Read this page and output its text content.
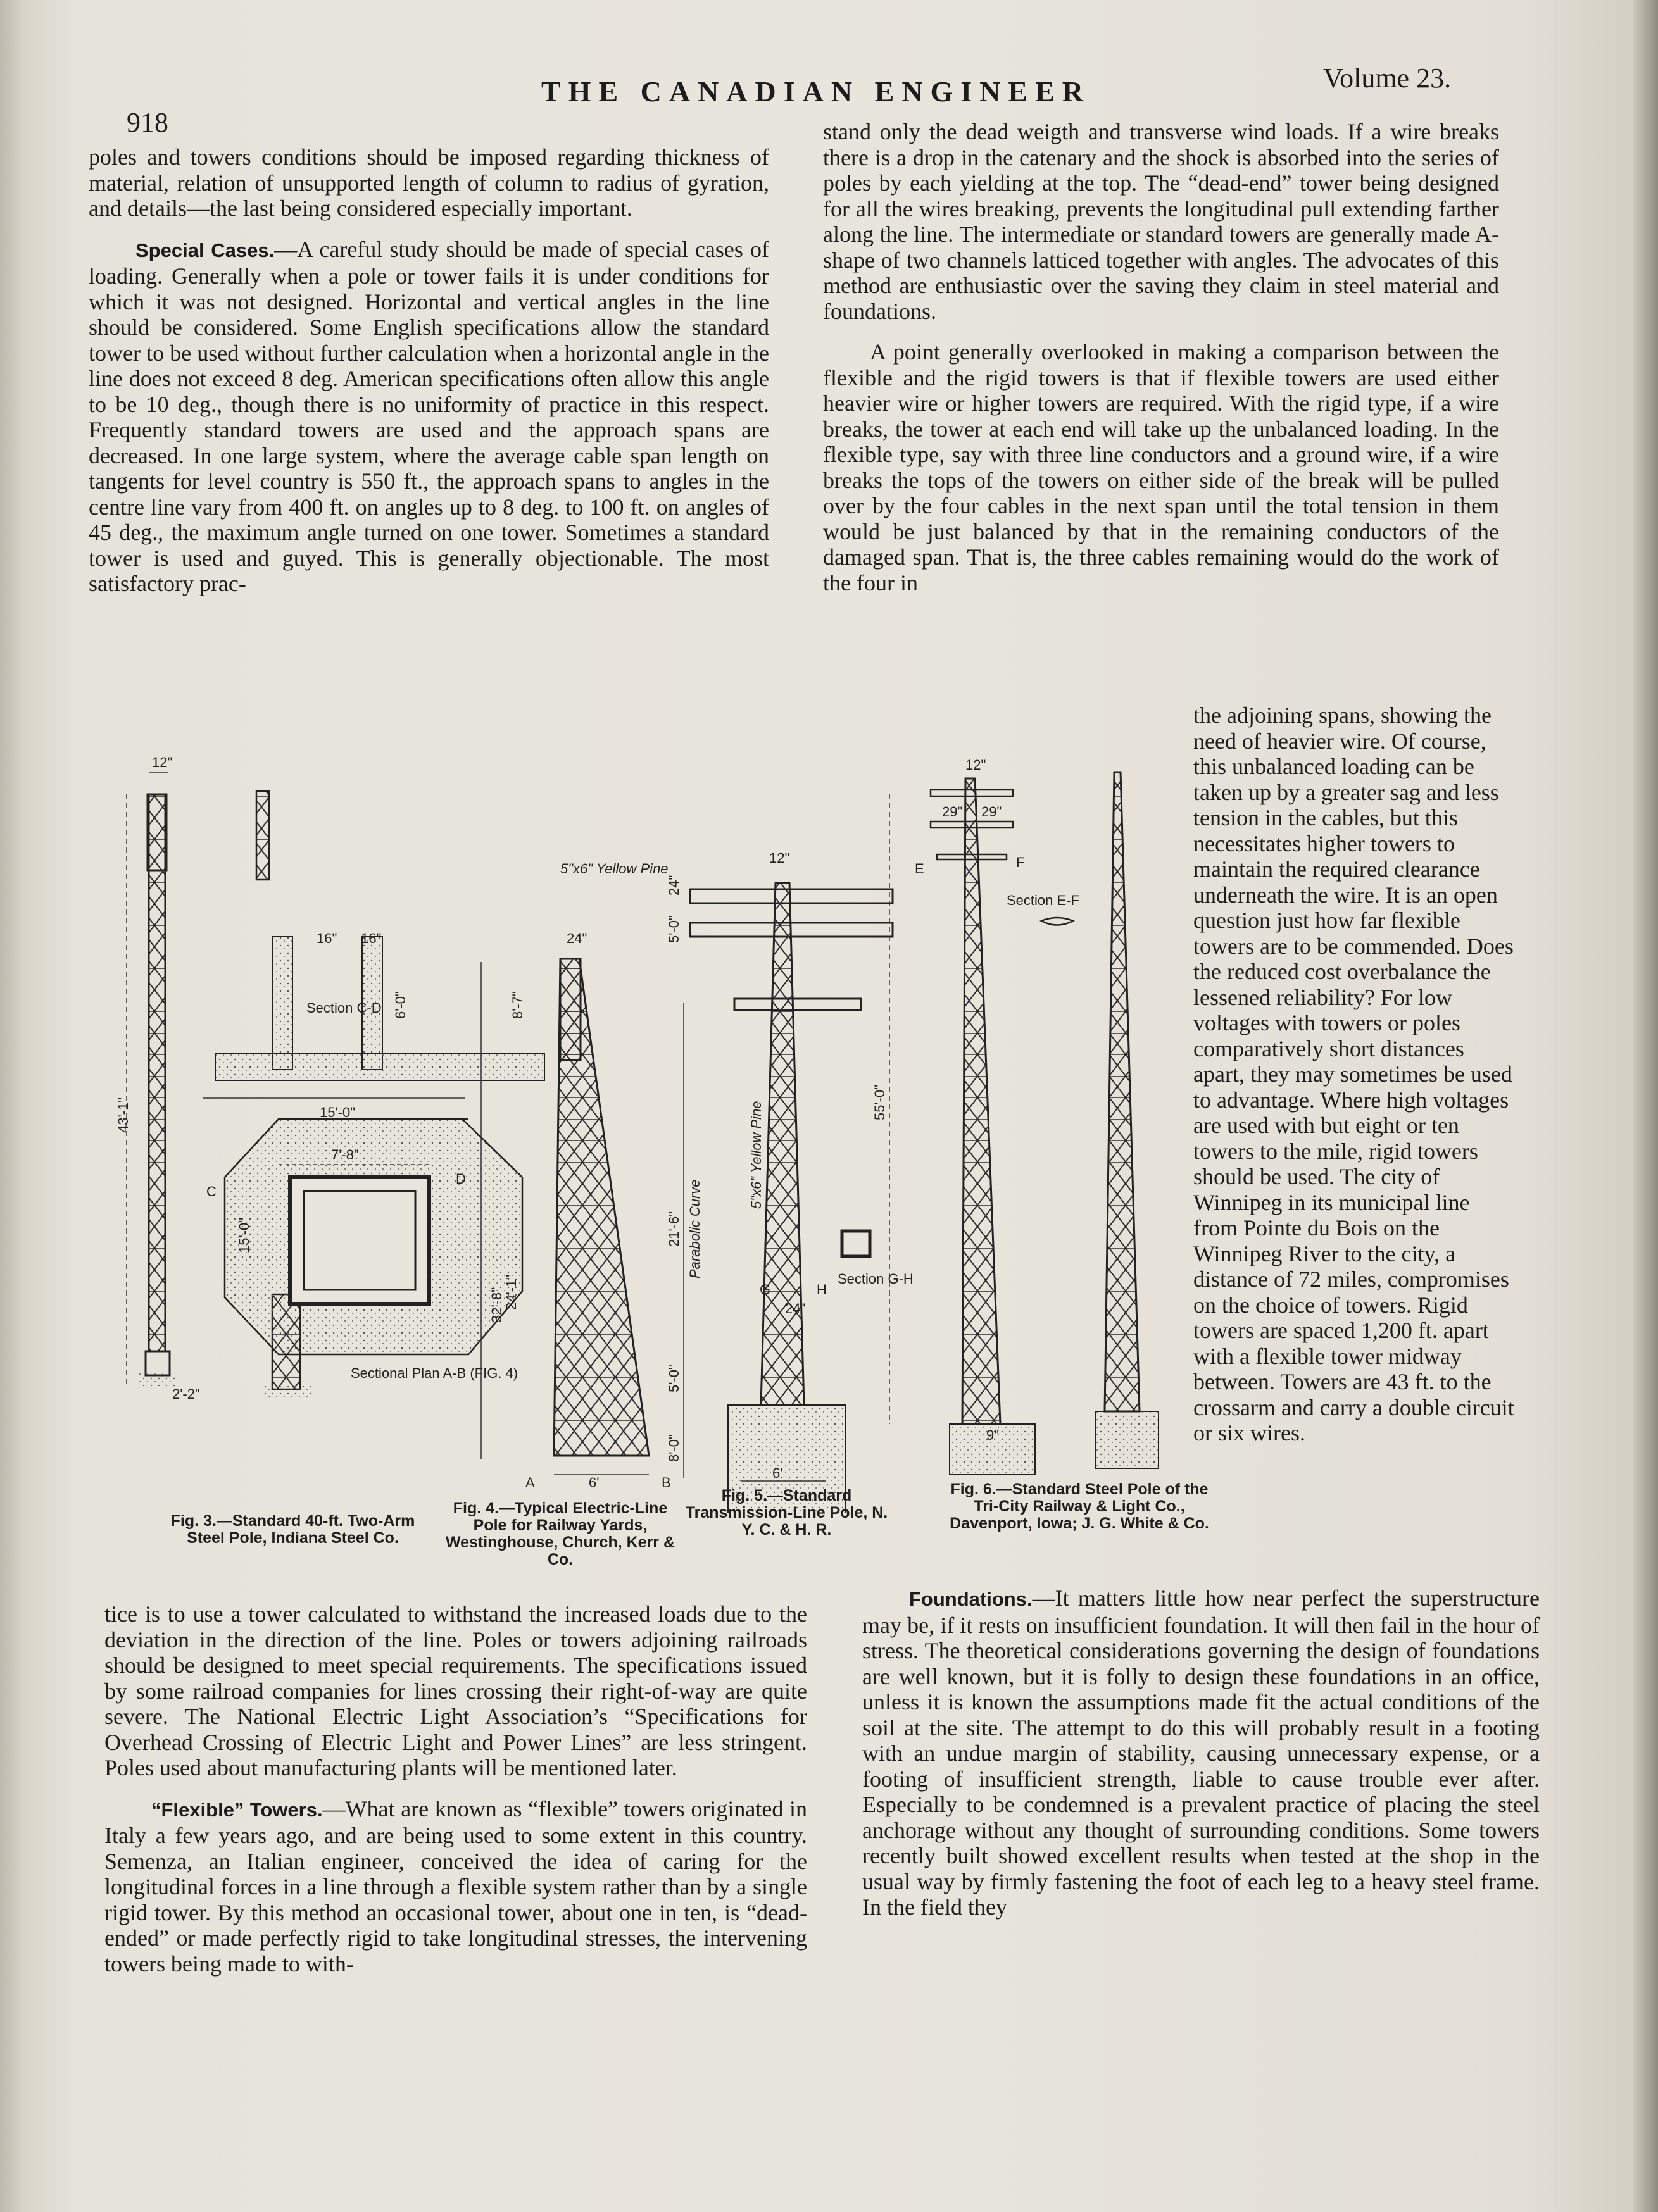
918
THE CANADIAN ENGINEER	Volume 23.

poles and towers conditions should be imposed regarding thickness of material, relation of unsupported length of column to radius of gyration, and details—the last being considered especially important.

Special Cases.—A careful study should be made of special cases of loading. Generally when a pole or tower fails it is under conditions for which it was not designed. Horizontal and vertical angles in the line should be considered. Some English specifications allow the standard tower to be used without further calculation when a horizontal angle in the line does not exceed 8 deg. American specifications often allow this angle to be 10 deg., though there is no uniformity of practice in this respect. Frequently standard towers are used and the approach spans are decreased. In one large system, where the average cable span length on tangents for level country is 550 ft., the approach spans to angles in the centre line vary from 400 ft. on angles up to 8 deg. to 100 ft. on angles of 45 deg., the maximum angle turned on one tower. Sometimes a standard tower is used and guyed. This is generally objectionable. The most satisfactory prac-

stand only the dead weigth and transverse wind loads. If a wire breaks there is a drop in the catenary and the shock is absorbed into the series of poles by each yielding at the top. The “dead-end” tower being designed for all the wires breaking, prevents the longitudinal pull extending farther along the line. The intermediate or standard towers are generally made A-shape of two channels latticed together with angles. The advocates of this method are enthusiastic over the saving they claim in steel material and foundations.

A point generally overlooked in making a comparison between the flexible and the rigid towers is that if flexible towers are used either heavier wire or higher towers are required. With the rigid type, if a wire breaks, the tower at each end will take up the unbalanced loading. In the flexible type, say with three line conductors and a ground wire, if a wire breaks the tops of the towers on either side of the break will be pulled over by the four cables in the next span until the total tension in them would be just balanced by that in the remaining conductors of the damaged span. That is, the three cables remaining would do the work of the four in

the adjoining spans, showing the need of heavier wire. Of course, this unbalanced loading can be taken up by a greater sag and less tension in the cables, but this necessitates higher towers to maintain the required clearance underneath the wire. It is an open question just how far flexible towers are to be commended. Does the reduced cost overbalance the lessened reliability? For low voltages with towers or poles comparatively short distances apart, they may sometimes be used to advantage. Where high voltages are used with but eight or ten towers to the mile, rigid towers should be used. The city of Winnipeg in its municipal line from Pointe du Bois on the Winnipeg River to the city, a distance of 72 miles, compromises on the choice of towers. Rigid towers are spaced 1,200 ft. apart with a flexible tower midway between. Towers are 43 ft. to the crossarm and carry a double circuit or six wires.

tice is to use a tower calculated to withstand the increased loads due to the deviation in the direction of the line. Poles or towers adjoining railroads should be designed to meet special requirements. The specifications issued by some railroad companies for lines crossing their right-of-way are quite severe. The National Electric Light Association’s “Specifications for Overhead Crossing of Electric Light and Power Lines” are less stringent. Poles used about manufacturing plants will be mentioned later.

“Flexible” Towers.—What are known as “flexible” towers originated in Italy a few years ago, and are being used to some extent in this country. Semenza, an Italian engineer, conceived the idea of caring for the longitudinal forces in a line through a flexible system rather than by a single rigid tower. By this method an occasional tower, about one in ten, is “dead-ended” or made perfectly rigid to take longitudinal stresses, the intervening towers being made to with-

Foundations.—It matters little how near perfect the superstructure may be, if it rests on insufficient foundation. It will then fail in the hour of stress. The theoretical considerations governing the design of foundations are well known, but it is folly to design these foundations in an office, unless it is known the assumptions made fit the actual conditions of the soil at the site. The attempt to do this will probably result in a footing with an undue margin of stability, causing unnecessary expense, or a footing of insufficient strength, liable to cause trouble ever after. Especially to be condemned is a prevalent practice of placing the steel anchorage without any thought of surrounding conditions. Some towers recently built showed excellent results when tested at the shop in the usual way by firmly fastening the foot of each leg to a heavy steel frame. In the field they

12"
43'-1"
2'-2"
16" 16"
Section C-D 6'-0"
15'-0"
7'-8"
15'-0"
C
D
Sectional Plan A-B (FIG. 4)
24"
8'-7"
32'-8"
24'-1"
A	B
6'
5"x6" Yellow Pine
12"
5'-0"
24"
21'-6" Parabolic Curve
5"x6" Yellow Pine
5'-0"
8'-0"
24"
G	H
Section G-H
6'
12"
29" 29"
E	F
Section E-F
55'-0"
9"
Fig. 3.—Standard 40-ft. Two-Arm Steel Pole, Indiana Steel Co.
Fig. 4.—Typical Electric-Line Pole for Railway Yards, Westinghouse, Church, Kerr & Co.
Fig. 5.—Standard Transmission-Line Pole, N. Y. C. & H. R.
Fig. 6.—Standard Steel Pole of the Tri-City Railway & Light Co., Davenport, Iowa; J. G. White & Co.
